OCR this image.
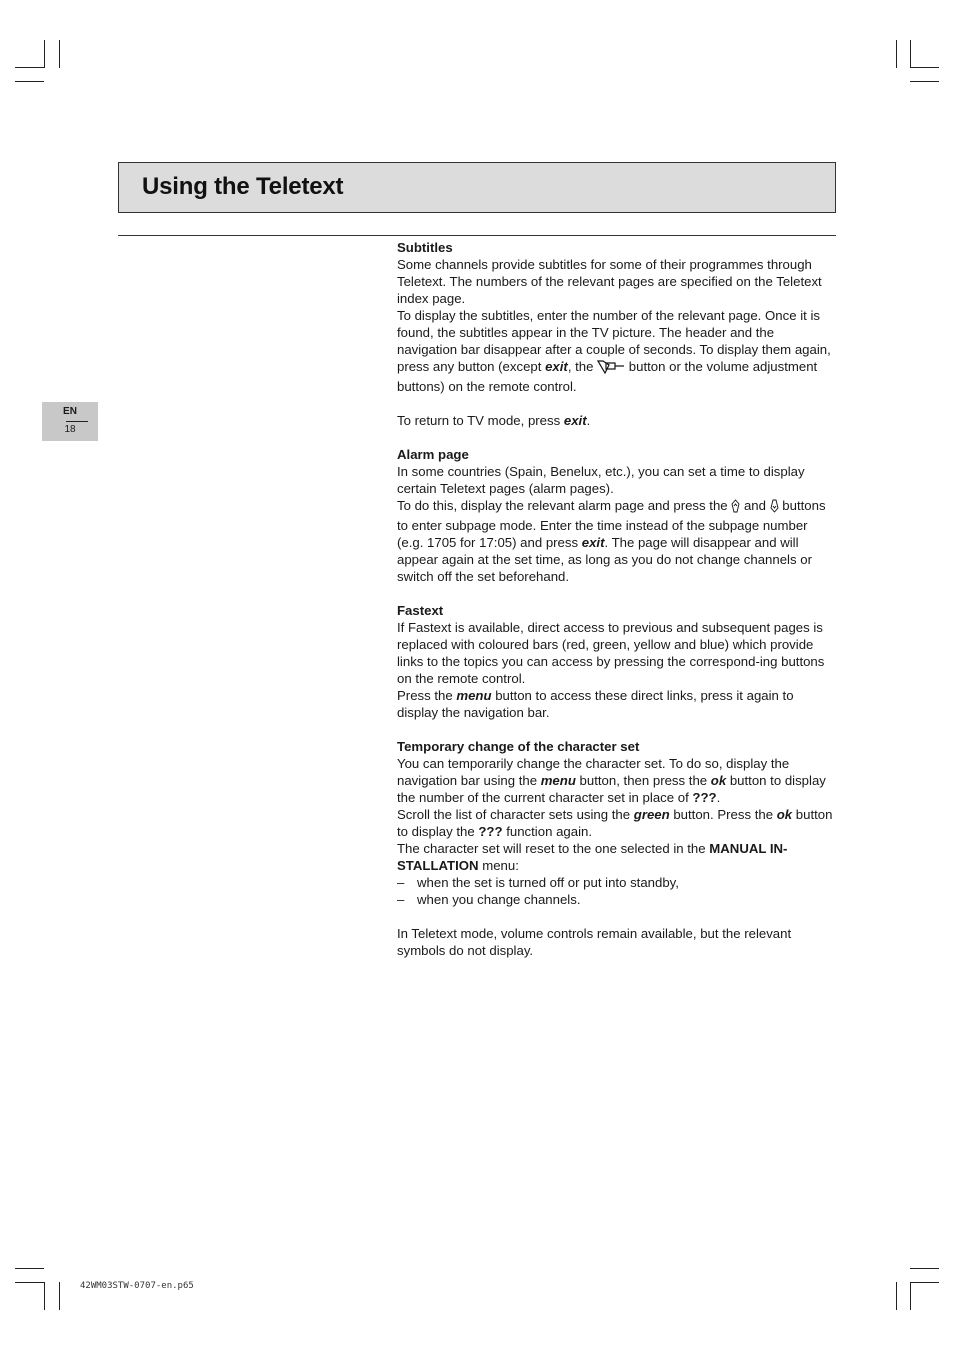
Using the Teletext
EN
18

Subtitles

Some channels provide subtitles for some of their programmes through Teletext. The numbers of the relevant pages are specified on the Teletext index page.

To display the subtitles, enter the number of the relevant page. Once it is found, the subtitles appear in the TV picture. The header and the navigation bar disappear after a couple of seconds. To display them again, press any button (except exit, the  button or the volume adjustment buttons) on the remote control.

To return to TV mode, press exit.

Alarm page

In some countries (Spain, Benelux, etc.), you can set a time to display certain Teletext pages (alarm pages).

To do this, display the relevant alarm page and press the  and  buttons to enter subpage mode. Enter the time instead of the subpage number (e.g. 1705 for 17:05) and press exit. The page will disappear and will appear again at the set time, as long as you do not change channels or switch off the set beforehand.

Fastext

If Fastext is available, direct access to previous and subsequent pages is replaced with coloured bars (red, green, yellow and blue) which provide links to the topics you can access by pressing the correspond-ing buttons on the remote control.

Press the menu button to access these direct links, press it again to display the navigation bar.

Temporary change of the character set

You can temporarily change the character set. To do so, display the navigation bar using the menu button, then press the ok button to display the number of the current character set in place of ???.

Scroll the list of character sets using the green button. Press the ok button to display the ??? function again.

The character set will reset to the one selected in the MANUAL IN-STALLATION menu:

– when the set is turned off or put into standby,
– when you change channels.

In Teletext mode, volume controls remain available, but the relevant symbols do not display.

42WM03STW-0707-en.p65
